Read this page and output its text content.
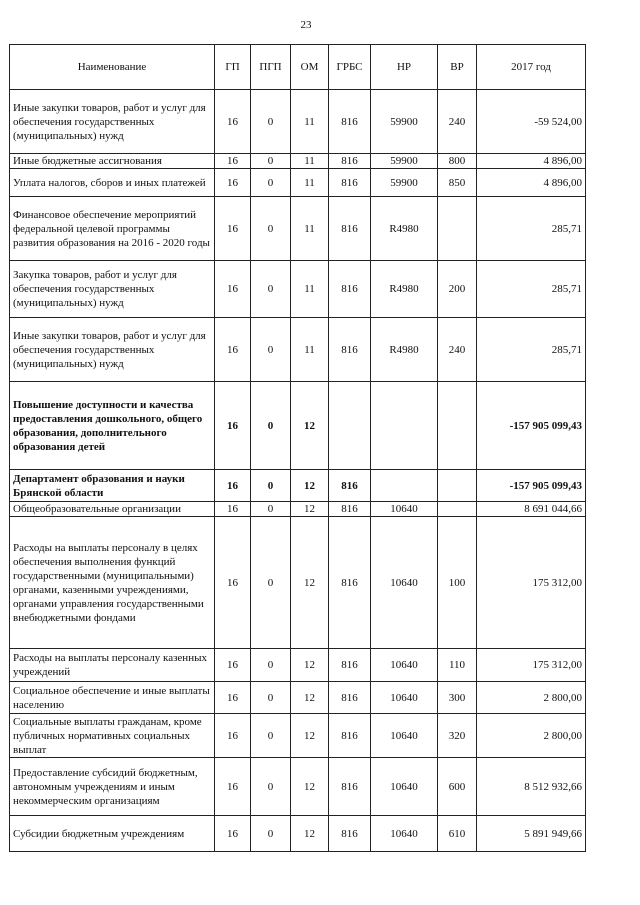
23
Наименование	ГП	ПГП	ОМ	ГРБС	НР	ВР	2017 год
Иные закупки товаров, работ и услуг для обеспечения государственных (муниципальных) нужд	16	0	11	816	59900	240	-59 524,00
Иные бюджетные ассигнования	16	0	11	816	59900	800	4 896,00
Уплата налогов, сборов и иных платежей	16	0	11	816	59900	850	4 896,00
Финансовое обеспечение мероприятий федеральной целевой программы развития образования на 2016 - 2020 годы	16	0	11	816	R4980		285,71
Закупка товаров, работ и услуг для обеспечения государственных (муниципальных) нужд	16	0	11	816	R4980	200	285,71
Иные закупки товаров, работ и услуг для обеспечения государственных (муниципальных) нужд	16	0	11	816	R4980	240	285,71
Повышение доступности и качества предоставления дошкольного, общего образования, дополнительного образования детей	16	0	12				-157 905 099,43
Департамент образования и науки Брянской области	16	0	12	816			-157 905 099,43
Общеобразовательные организации	16	0	12	816	10640		8 691 044,66
Расходы на выплаты персоналу в целях обеспечения выполнения функций государственными (муниципальными) органами, казенными учреждениями, органами управления государственными внебюджетными фондами	16	0	12	816	10640	100	175 312,00
Расходы на выплаты персоналу казенных учреждений	16	0	12	816	10640	110	175 312,00
Социальное обеспечение и иные выплаты населению	16	0	12	816	10640	300	2 800,00
Социальные выплаты гражданам, кроме публичных нормативных социальных выплат	16	0	12	816	10640	320	2 800,00
Предоставление субсидий бюджетным, автономным учреждениям и иным некоммерческим организациям	16	0	12	816	10640	600	8 512 932,66
Субсидии бюджетным учреждениям	16	0	12	816	10640	610	5 891 949,66
